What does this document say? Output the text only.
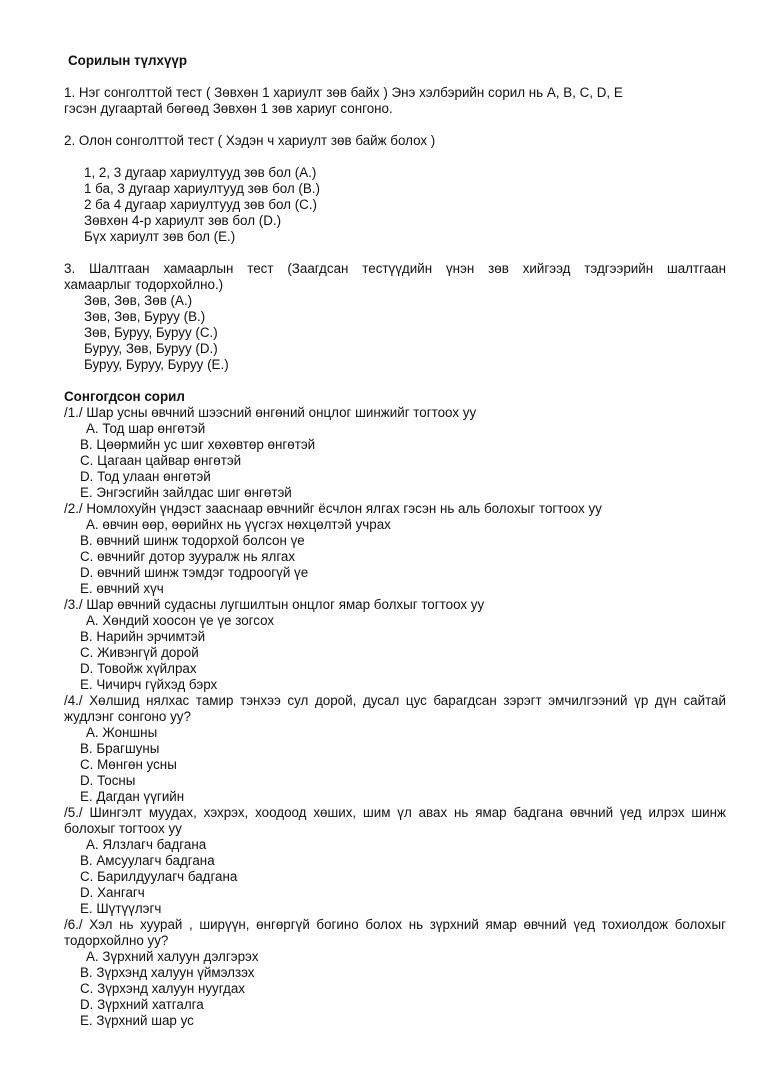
Сорилын түлхүүр
1. Нэг сонголттой тест ( Зөвхөн 1 хариулт зөв байх ) Энэ хэлбэрийн сорил нь A, B, C, D, E
гэсэн дугаартай бөгөөд Зөвхөн 1 зөв хариуг сонгоно.
2. Олон сонголттой тест ( Хэдэн ч хариулт зөв байж болох )
1, 2, 3 дугаар хариултууд зөв бол (A.)
1 ба, 3 дугаар хариултууд зөв бол (B.)
2 ба 4 дугаар хариултууд зөв бол (C.)
Зөвхөн 4-р хариулт зөв бол (D.)
Бүх хариулт зөв бол (E.)
3. Шалтгаан хамаарлын тест (Заагдсан тестүүдийн үнэн зөв хийгээд тэдгээрийн шалтгаан
хамаарлыг тодорхойлно.)
Зөв, Зөв, Зөв (A.)
Зөв, Зөв, Буруу (B.)
Зөв, Буруу, Буруу (C.)
Буруу, Зөв, Буруу (D.)
Буруу, Буруу, Буруу (E.)
Сонгогдсон сорил
/1./ Шар усны өвчний шээсний өнгөний онцлог шинжийг тогтоох уу
A. Тод шар өнгөтэй
B. Цөөрмийн ус шиг хөхөвтөр өнгөтэй
C. Цагаан цайвар өнгөтэй
D. Тод улаан өнгөтэй
E. Энгэсгийн зайлдас шиг өнгөтэй
/2./ Номлохуйн үндэст зааснаар өвчнийг ёсчлон ялгах гэсэн нь аль болохыг тогтоох уу
A. өвчин өөр, өөрийнх нь үүсгэх нөхцөлтэй учрах
B. өвчний шинж тодорхой болсон үе
C. өвчнийг дотор зууралж нь ялгах
D. өвчний шинж тэмдэг тодроогүй үе
E. өвчний хүч
/3./ Шар өвчний судасны лугшилтын онцлог ямар болхыг тогтоох уу
A. Хөндий хоосон үе үе зогсох
B. Нарийн эрчимтэй
C. Живэнгүй дорой
D. Товойж хүйлрах
E. Чичирч гүйхэд бэрх
/4./ Хөлшид нялхас тамир тэнхээ сул дорой, дусал цус барагдсан зэрэгт эмчилгээний үр дүн сайтай
жудлэнг сонгоно уу?
A. Жоншны
B. Брагшуны
C. Мөнгөн усны
D. Тосны
E. Дагдан үүгийн
/5./ Шингэлт муудах, хэхрэх, хоодоод хөших, шим үл авах нь ямар бадгана өвчний үед илрэх шинж
болохыг тогтоох уу
A. Ялзлагч бадгана
B. Амсуулагч бадгана
C. Барилдуулагч бадгана
D. Хангагч
E. Шүтүүлэгч
/6./ Хэл нь хуурай , ширүүн, өнгөргүй богино болох нь зүрхний ямар өвчний үед тохиолдож болохыг
тодорхойлно уу?
A. Зүрхний халуун дэлгэрэх
B. Зүрхэнд халуун үймэлзэх
C. Зүрхэнд халуун нуугдах
D. Зүрхний хатгалга
E. Зүрхний шар ус
